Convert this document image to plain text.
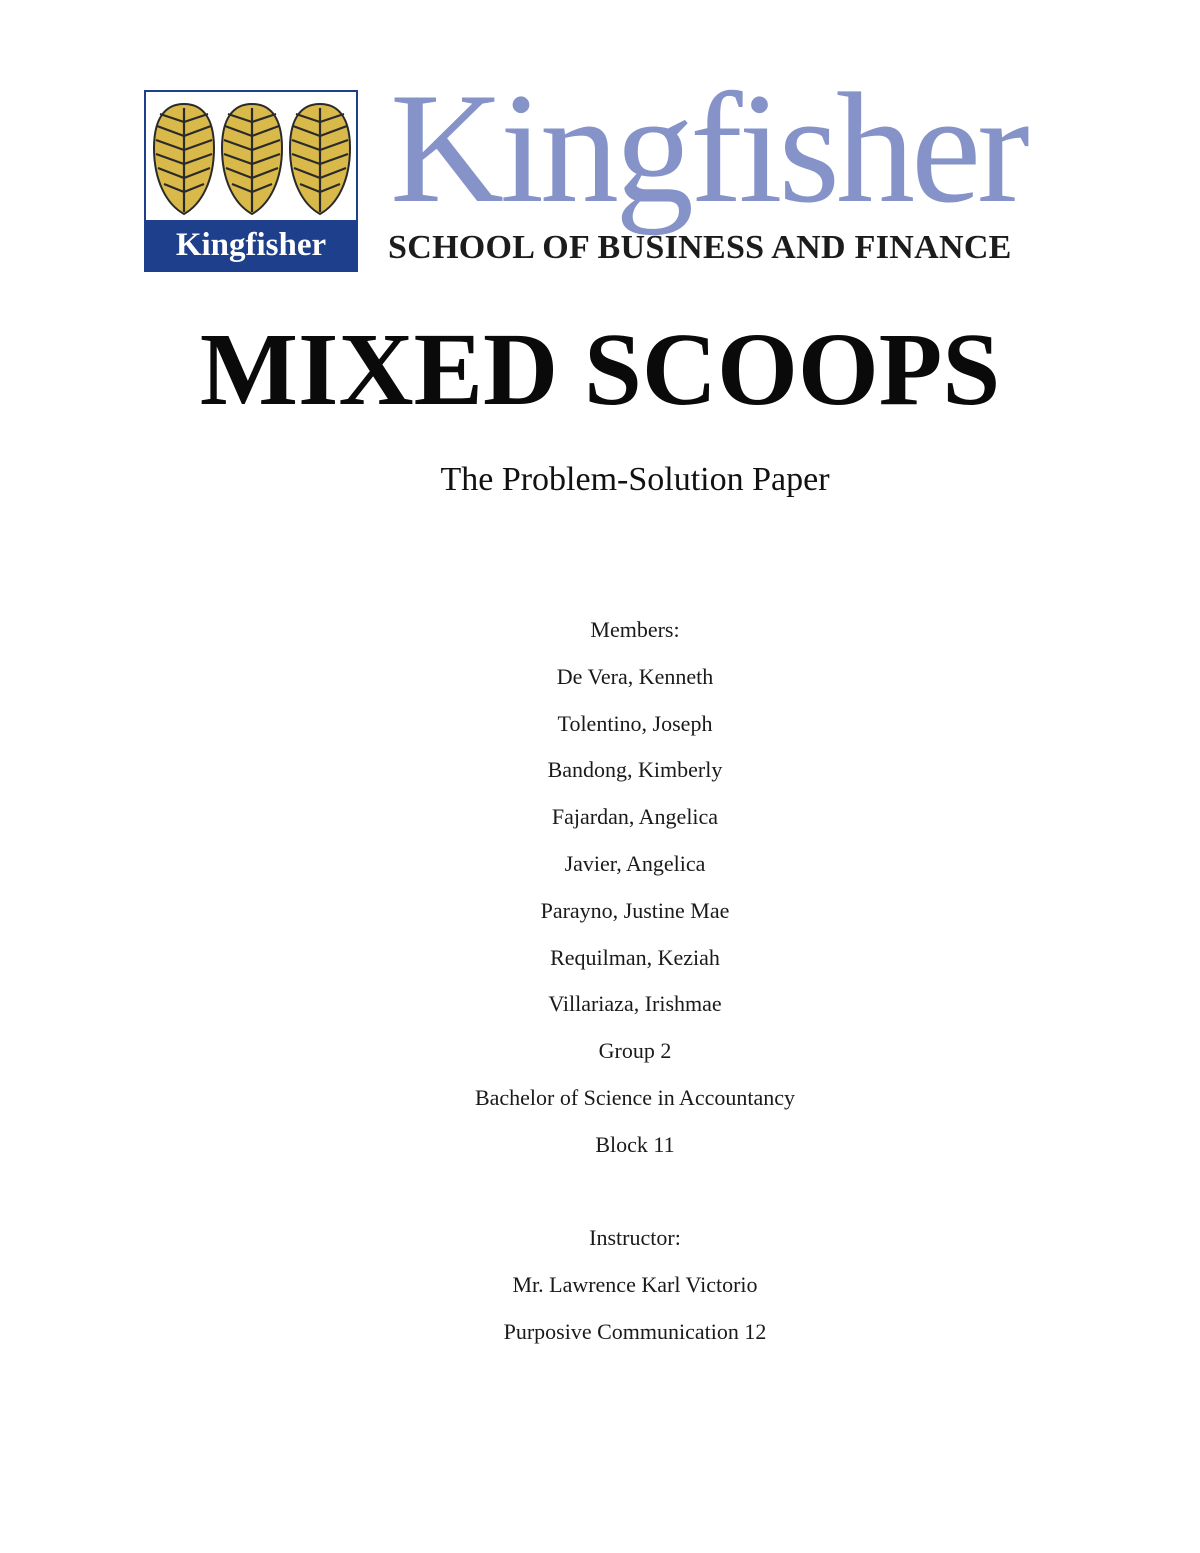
Kingfisher
Kingfisher
SCHOOL OF BUSINESS AND FINANCE
MIXED SCOOPS
The Problem-Solution Paper
Members:
De Vera, Kenneth
Tolentino, Joseph
Bandong, Kimberly
Fajardan, Angelica
Javier, Angelica
Parayno, Justine Mae
Requilman, Keziah
Villariaza, Irishmae
Group 2
Bachelor of Science in Accountancy
Block 11
Instructor:
Mr. Lawrence Karl Victorio
Purposive Communication 12
